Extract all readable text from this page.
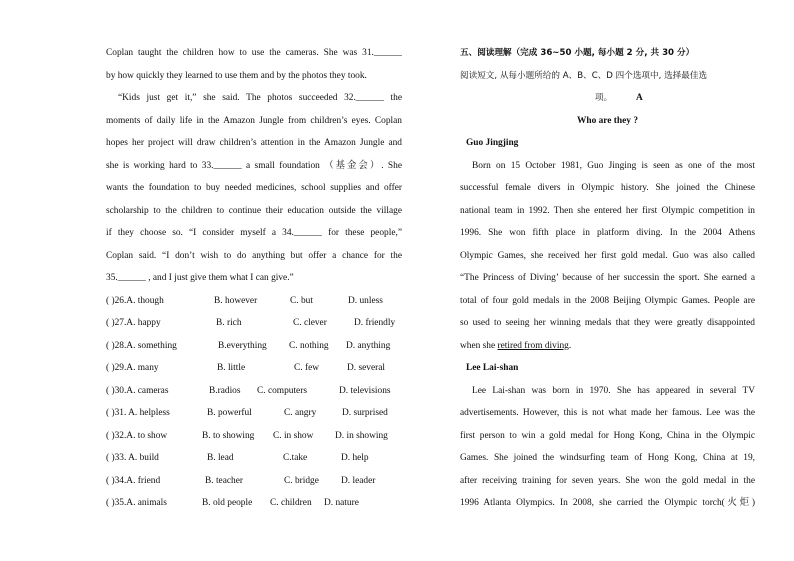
Coplan taught the children how to use the cameras. She was 31.______
by how quickly they learned to use them and by the photos they took.
“Kids just get it,” she said. The photos succeeded 32.______ the
moments of daily life in the Amazon Jungle from children’s eyes. Coplan
hopes her project will draw children’s attention in the Amazon Jungle and
she is working hard to 33.______ a small foundation （基金会）. She
wants the foundation to buy needed medicines, school supplies and offer
scholarship to the children to continue their education outside the village
if they choose so. “I consider myself a 34.______ for these people,”
Coplan said. “I don’t wish to do anything but offer a chance for the
35.______ , and I just give them what I can give.”
( )26.A. though	B. however	C. but	D. unless
( )27.A. happy	B. rich	C. clever	D. friendly
( )28.A. something	B.everything C. nothing D. anything
( )29.A. many	B. little	C. few	D. several
( )30.A. cameras	B.radios C. computers	D. televisions
( )31. A. helpless	B. powerful	C. angry	D. surprised
( )32.A. to show	B. to showing C. in show D. in showing
( )33. A. build	B. lead	C.take	D. help
( )34.A. friend	B. teacher	C. bridge D. leader
( )35.A. animals	B. old people C. children D. nature
五、阅读理解（完成 36~50 小题, 每小题 2 分, 共 30 分）
阅读短文, 从每小题所给的 A、B、C、D 四个选项中, 选择最佳选
项。	A
Who are they ?
Guo Jingjing
Born on 15 October 1981, Guo Jinging is seen as one of the most
successful female divers in Olympic history. She joined the Chinese
national team in 1992. Then she entered her first Olympic competition in
1996. She won fifth place in platform diving. In the 2004 Athens
Olympic Games, she received her first gold medal. Guo was also called
“The Princess of Diving’ because of her successin the sport. She earned a
total of four gold medals in the 2008 Beijing Olympic Games. People are
so used to seeing her winning medals that they were greatly disappointed
when she retired from diving.
Lee Lai-shan
Lee Lai-shan was born in 1970. She has appeared in several TV
advertisements. However, this is not what made her famous. Lee was the
first person to win a gold medal for Hong Kong, China in the Olympic
Games. She joined the windsurfing team of Hong Kong, China at 19,
after receiving training for seven years. She won the gold medal in the
1996 Atlanta Olympics. In 2008, she carried the Olympic torch(火炬)
